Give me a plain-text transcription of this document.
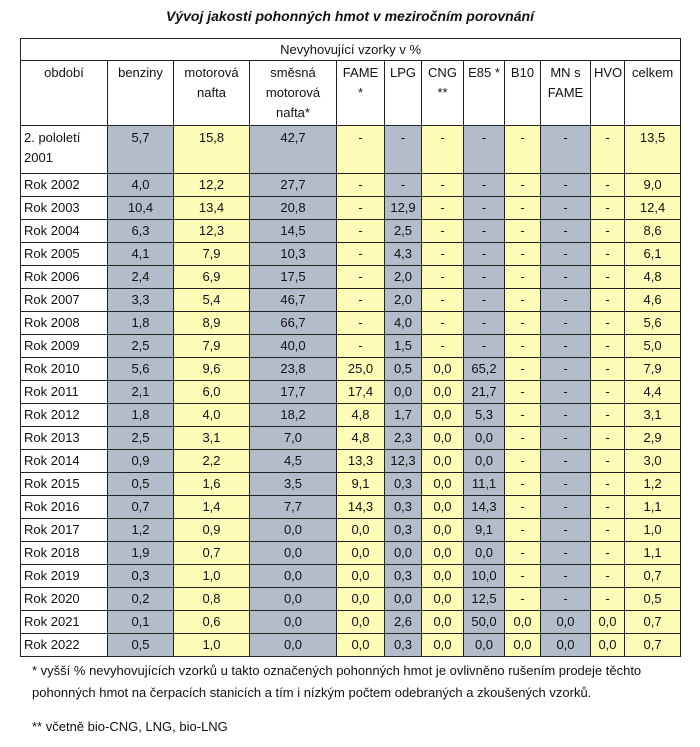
Vývoj jakosti pohonných hmot v meziročním porovnání
Nevyhovující vzorky v %											
období	benziny	motorová nafta	směsná motorová nafta*	FAME *	LPG	CNG **	E85 *	B10	MN s FAME	HVO	celkem
2. pololetí 2001	5,7	15,8	42,7	-	-	-	-	-	-	-	13,5
Rok 2002	4,0	12,2	27,7	-	-	-	-	-	-	-	9,0
Rok 2003	10,4	13,4	20,8	-	12,9	-	-	-	-	-	12,4
Rok 2004	6,3	12,3	14,5	-	2,5	-	-	-	-	-	8,6
Rok 2005	4,1	7,9	10,3	-	4,3	-	-	-	-	-	6,1
Rok 2006	2,4	6,9	17,5	-	2,0	-	-	-	-	-	4,8
Rok 2007	3,3	5,4	46,7	-	2,0	-	-	-	-	-	4,6
Rok 2008	1,8	8,9	66,7	-	4,0	-	-	-	-	-	5,6
Rok 2009	2,5	7,9	40,0	-	1,5	-	-	-	-	-	5,0
Rok 2010	5,6	9,6	23,8	25,0	0,5	0,0	65,2	-	-	-	7,9
Rok 2011	2,1	6,0	17,7	17,4	0,0	0,0	21,7	-	-	-	4,4
Rok 2012	1,8	4,0	18,2	4,8	1,7	0,0	5,3	-	-	-	3,1
Rok 2013	2,5	3,1	7,0	4,8	2,3	0,0	0,0	-	-	-	2,9
Rok 2014	0,9	2,2	4,5	13,3	12,3	0,0	0,0	-	-	-	3,0
Rok 2015	0,5	1,6	3,5	9,1	0,3	0,0	11,1	-	-	-	1,2
Rok 2016	0,7	1,4	7,7	14,3	0,3	0,0	14,3	-	-	-	1,1
Rok 2017	1,2	0,9	0,0	0,0	0,3	0,0	9,1	-	-	-	1,0
Rok 2018	1,9	0,7	0,0	0,0	0,0	0,0	0,0	-	-	-	1,1
Rok 2019	0,3	1,0	0,0	0,0	0,3	0,0	10,0	-	-	-	0,7
Rok 2020	0,2	0,8	0,0	0,0	0,0	0,0	12,5	-	-	-	0,5
Rok 2021	0,1	0,6	0,0	0,0	2,6	0,0	50,0	0,0	0,0	0,0	0,7
Rok 2022	0,5	1,0	0,0	0,0	0,3	0,0	0,0	0,0	0,0	0,0	0,7
* vyšší % nevyhovujících vzorků u takto označených pohonných hmot je ovlivněno rušením prodeje těchto pohonných hmot na čerpacích stanicích a tím i nízkým počtem odebraných a zkoušených vzorků.
** včetně bio-CNG, LNG, bio-LNG
